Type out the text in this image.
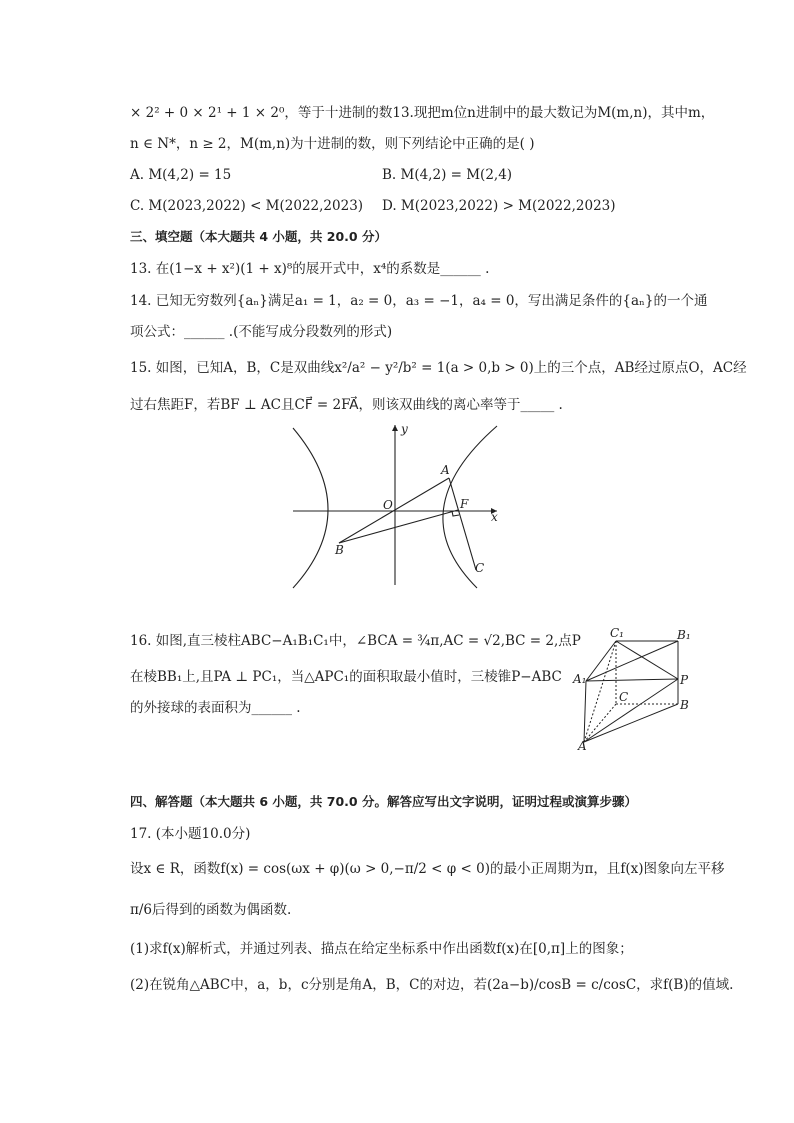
× 2² + 0 × 2¹ + 1 × 2⁰，等于十进制的数13.现把m位n进制中的最大数记为M(m,n)，其中m，
n ∈ N*，n ≥ 2，M(m,n)为十进制的数，则下列结论中正确的是( )
A. M(4,2) = 15	B. M(4,2) = M(2,4)
C. M(2023,2022) < M(2022,2023) D. M(2023,2022) > M(2022,2023)
三、填空题（本大题共 4 小题，共 20.0 分）
13. 在(1−x + x²)(1 + x)⁸的展开式中，x⁴的系数是______ .
14. 已知无穷数列{aₙ}满足a₁ = 1，a₂ = 0，a₃ = −1，a₄ = 0，写出满足条件的{aₙ}的一个通
项公式：______ .(不能写成分段数列的形式)
15. 如图，已知A，B，C是双曲线x²/a² − y²/b² = 1(a > 0,b > 0)上的三个点，AB经过原点O，AC经
过右焦距F，若BF ⊥ AC且CF⃗ = 2FA⃗，则该双曲线的离心率等于_____ .
y
x
O
A
B
C
F
16. 如图,直三棱柱ABC−A₁B₁C₁中，∠BCA = ¾π,AC = √2,BC = 2,点P
在棱BB₁上,且PA ⊥ PC₁，当△APC₁的面积取最小值时，三棱锥P−ABC
的外接球的表面积为______ .
C₁	B₁
A₁
C
P
B
A
四、解答题（本大题共 6 小题，共 70.0 分。解答应写出文字说明，证明过程或演算步骤）
17. (本小题10.0分)
设x ∈ R，函数f(x) = cos(ωx + φ)(ω > 0,−π/2 < φ < 0)的最小正周期为π，且f(x)图象向左平移
π/6后得到的函数为偶函数.
(1)求f(x)解析式，并通过列表、描点在给定坐标系中作出函数f(x)在[0,π]上的图象；
(2)在锐角△ABC中，a，b，c分别是角A，B，C的对边，若(2a−b)/cosB = c/cosC，求f(B)的值域.
